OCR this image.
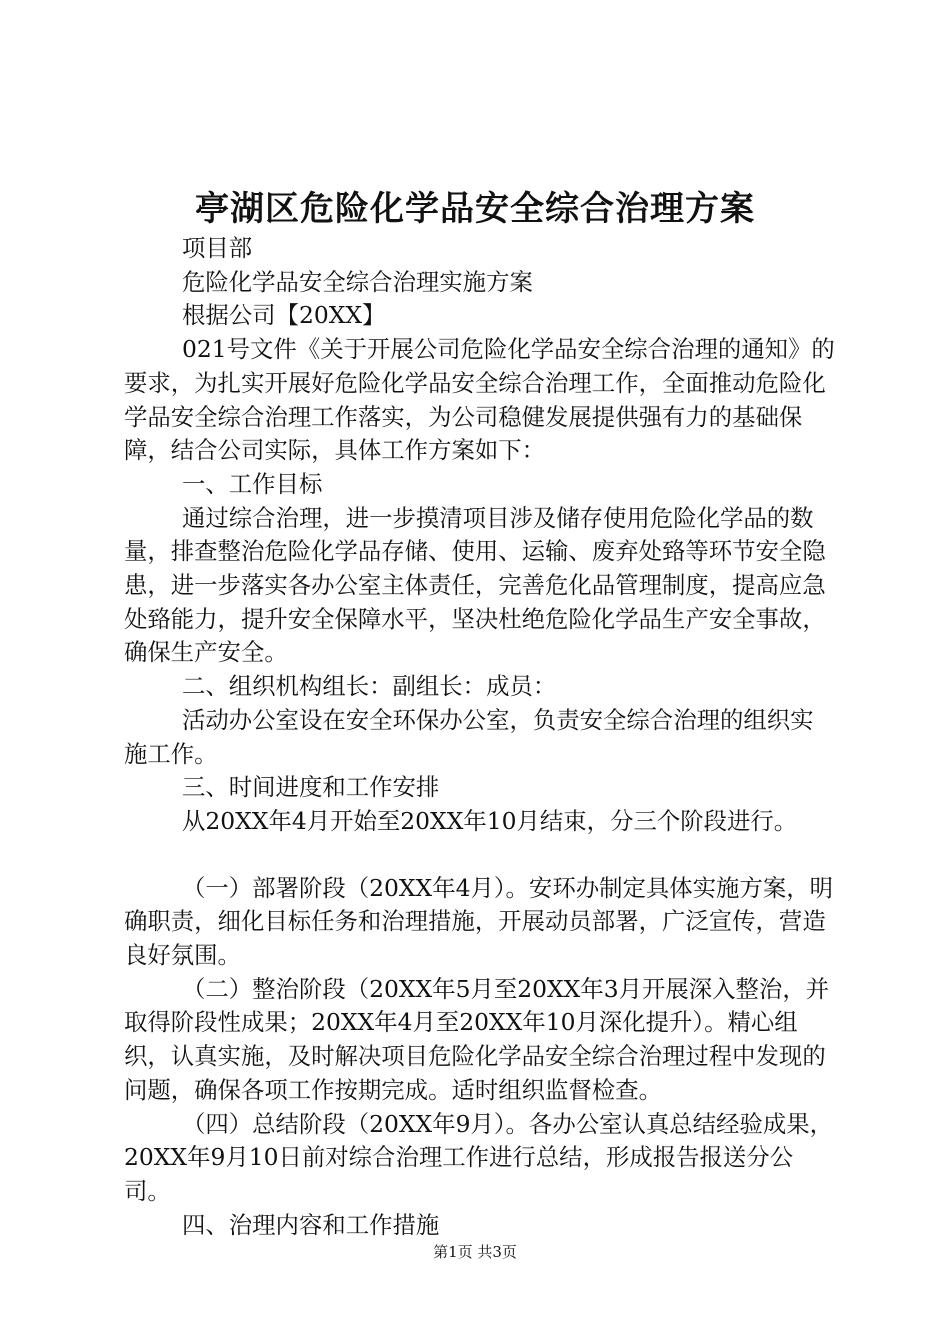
亭湖区危险化学品安全综合治理方案

项目部

危险化学品安全综合治理实施方案

根据公司【20XX】

021号文件《关于开展公司危险化学品安全综合治理的通知》的要求，为扎实开展好危险化学品安全综合治理工作，全面推动危险化学品安全综合治理工作落实，为公司稳健发展提供强有力的基础保障，结合公司实际，具体工作方案如下：

一、工作目标

通过综合治理，进一步摸清项目涉及储存使用危险化学品的数量，排查整治危险化学品存储、使用、运输、废弃处臵等环节安全隐患，进一步落实各办公室主体责任，完善危化品管理制度，提高应急处臵能力，提升安全保障水平，坚决杜绝危险化学品生产安全事故，确保生产安全。

二、组织机构组长：副组长：成员：

活动办公室设在安全环保办公室，负责安全综合治理的组织实施工作。

三、时间进度和工作安排

从20XX年4月开始至20XX年10月结束，分三个阶段进行。

（一）部署阶段（20XX年4月）。安环办制定具体实施方案，明确职责，细化目标任务和治理措施，开展动员部署，广泛宣传，营造良好氛围。

（二）整治阶段（20XX年5月至20XX年3月开展深入整治，并取得阶段性成果；20XX年4月至20XX年10月深化提升）。精心组织，认真实施，及时解决项目危险化学品安全综合治理过程中发现的问题，确保各项工作按期完成。适时组织监督检查。

（四）总结阶段（20XX年9月）。各办公室认真总结经验成果，20XX年9月10日前对综合治理工作进行总结，形成报告报送分公司。

四、治理内容和工作措施

第1页 共3页
